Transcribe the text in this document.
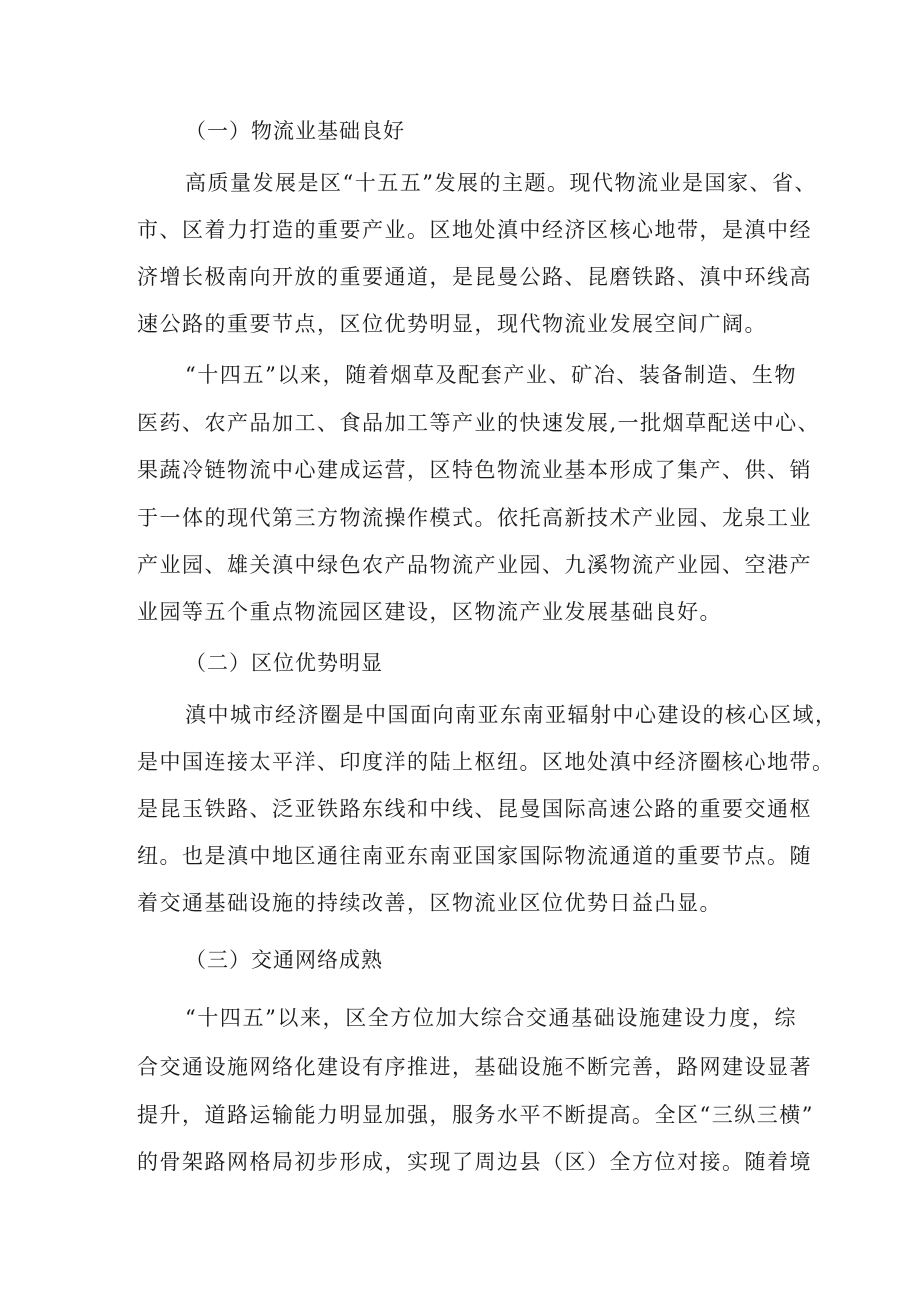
（一）物流业基础良好
高质量发展是区“十五五”发展的主题。现代物流业是国家、省、
市、区着力打造的重要产业。区地处滇中经济区核心地带，是滇中经
济增长极南向开放的重要通道，是昆曼公路、昆磨铁路、滇中环线高
速公路的重要节点，区位优势明显，现代物流业发展空间广阔。
“十四五”以来，随着烟草及配套产业、矿冶、装备制造、生物
医药、农产品加工、食品加工等产业的快速发展,一批烟草配送中心、
果蔬冷链物流中心建成运营，区特色物流业基本形成了集产、供、销
于一体的现代第三方物流操作模式。依托高新技术产业园、龙泉工业
产业园、雄关滇中绿色农产品物流产业园、九溪物流产业园、空港产
业园等五个重点物流园区建设，区物流产业发展基础良好。
（二）区位优势明显
滇中城市经济圈是中国面向南亚东南亚辐射中心建设的核心区域，
是中国连接太平洋、印度洋的陆上枢纽。区地处滇中经济圈核心地带。
是昆玉铁路、泛亚铁路东线和中线、昆曼国际高速公路的重要交通枢
纽。也是滇中地区通往南亚东南亚国家国际物流通道的重要节点。随
着交通基础设施的持续改善，区物流业区位优势日益凸显。
（三）交通网络成熟
“十四五”以来，区全方位加大综合交通基础设施建设力度，综
合交通设施网络化建设有序推进，基础设施不断完善，路网建设显著
提升，道路运输能力明显加强，服务水平不断提高。全区“三纵三横”
的骨架路网格局初步形成，实现了周边县（区）全方位对接。随着境
